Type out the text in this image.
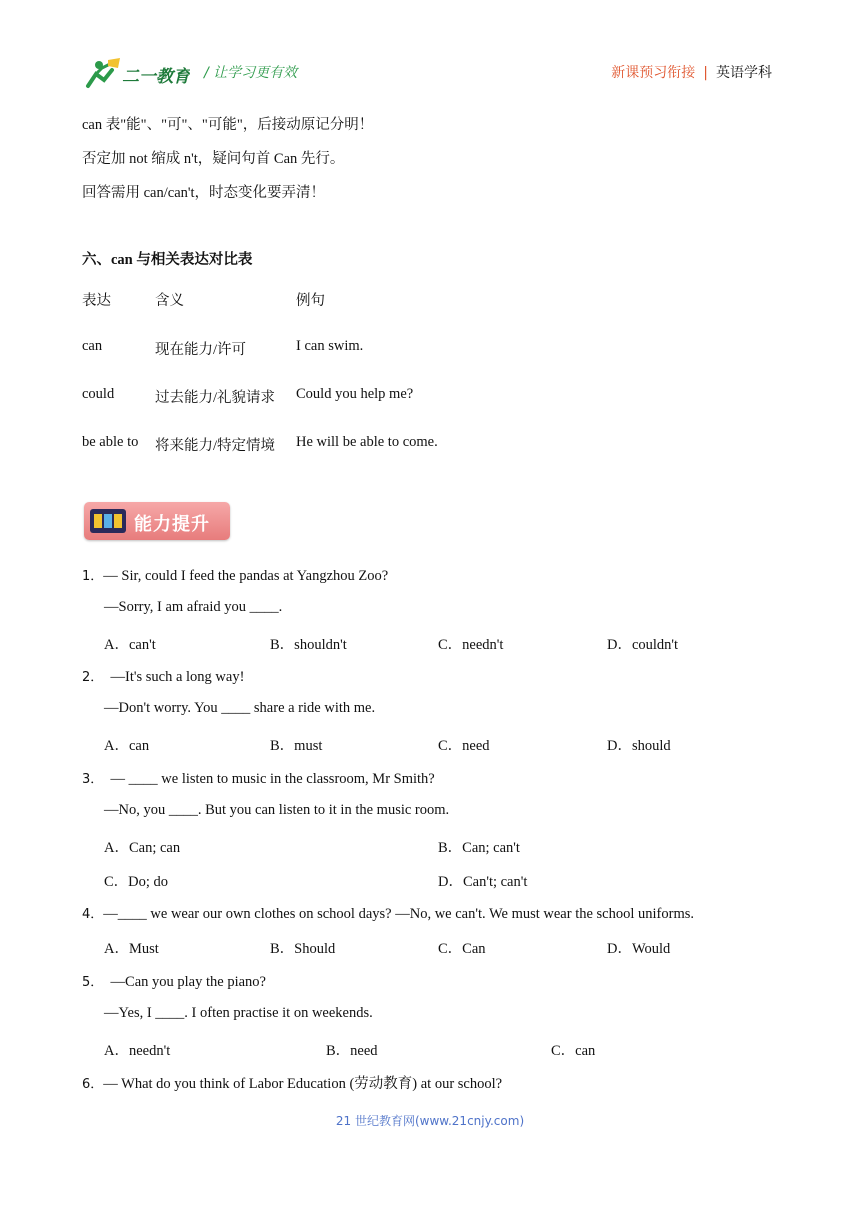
二一教育 / 让学习更有效	新课预习衔接 | 英语学科
can 表"能"、"可"、"可能"，后接动原记分明！
否定加 not 缩成 n't，疑问句首 Can 先行。
回答需用 can/can't，时态变化要弄清！
六、can 与相关表达对比表
表达	含义	例句
can	现在能力/许可	I can swim.
could	过去能力/礼貌请求 Could you help me?
be able to 将来能力/特定情境 He will be able to come.
能力提升
1．— Sir, could I feed the pandas at Yangzhou Zoo?
—Sorry, I am afraid you ____.
A．can't	B．shouldn't	C．needn't	D．couldn't
2． —It's such a long way!
—Don't worry. You ____ share a ride with me.
A．can	B．must	C．need	D．should
3． — ____ we listen to music in the classroom, Mr Smith?
—No, you ____. But you can listen to it in the music room.
A．Can; can	B．Can; can't
C．Do; do	D．Can't; can't
4．—____ we wear our own clothes on school days? —No, we can't. We must wear the school uniforms.
A．Must	B．Should	C．Can	D．Would
5． —Can you play the piano?
—Yes, I ____. I often practise it on weekends.
A．needn't	B．need	C．can
6．— What do you think of Labor Education (劳动教育) at our school?
21 世纪教育网(www.21cnjy.com)
